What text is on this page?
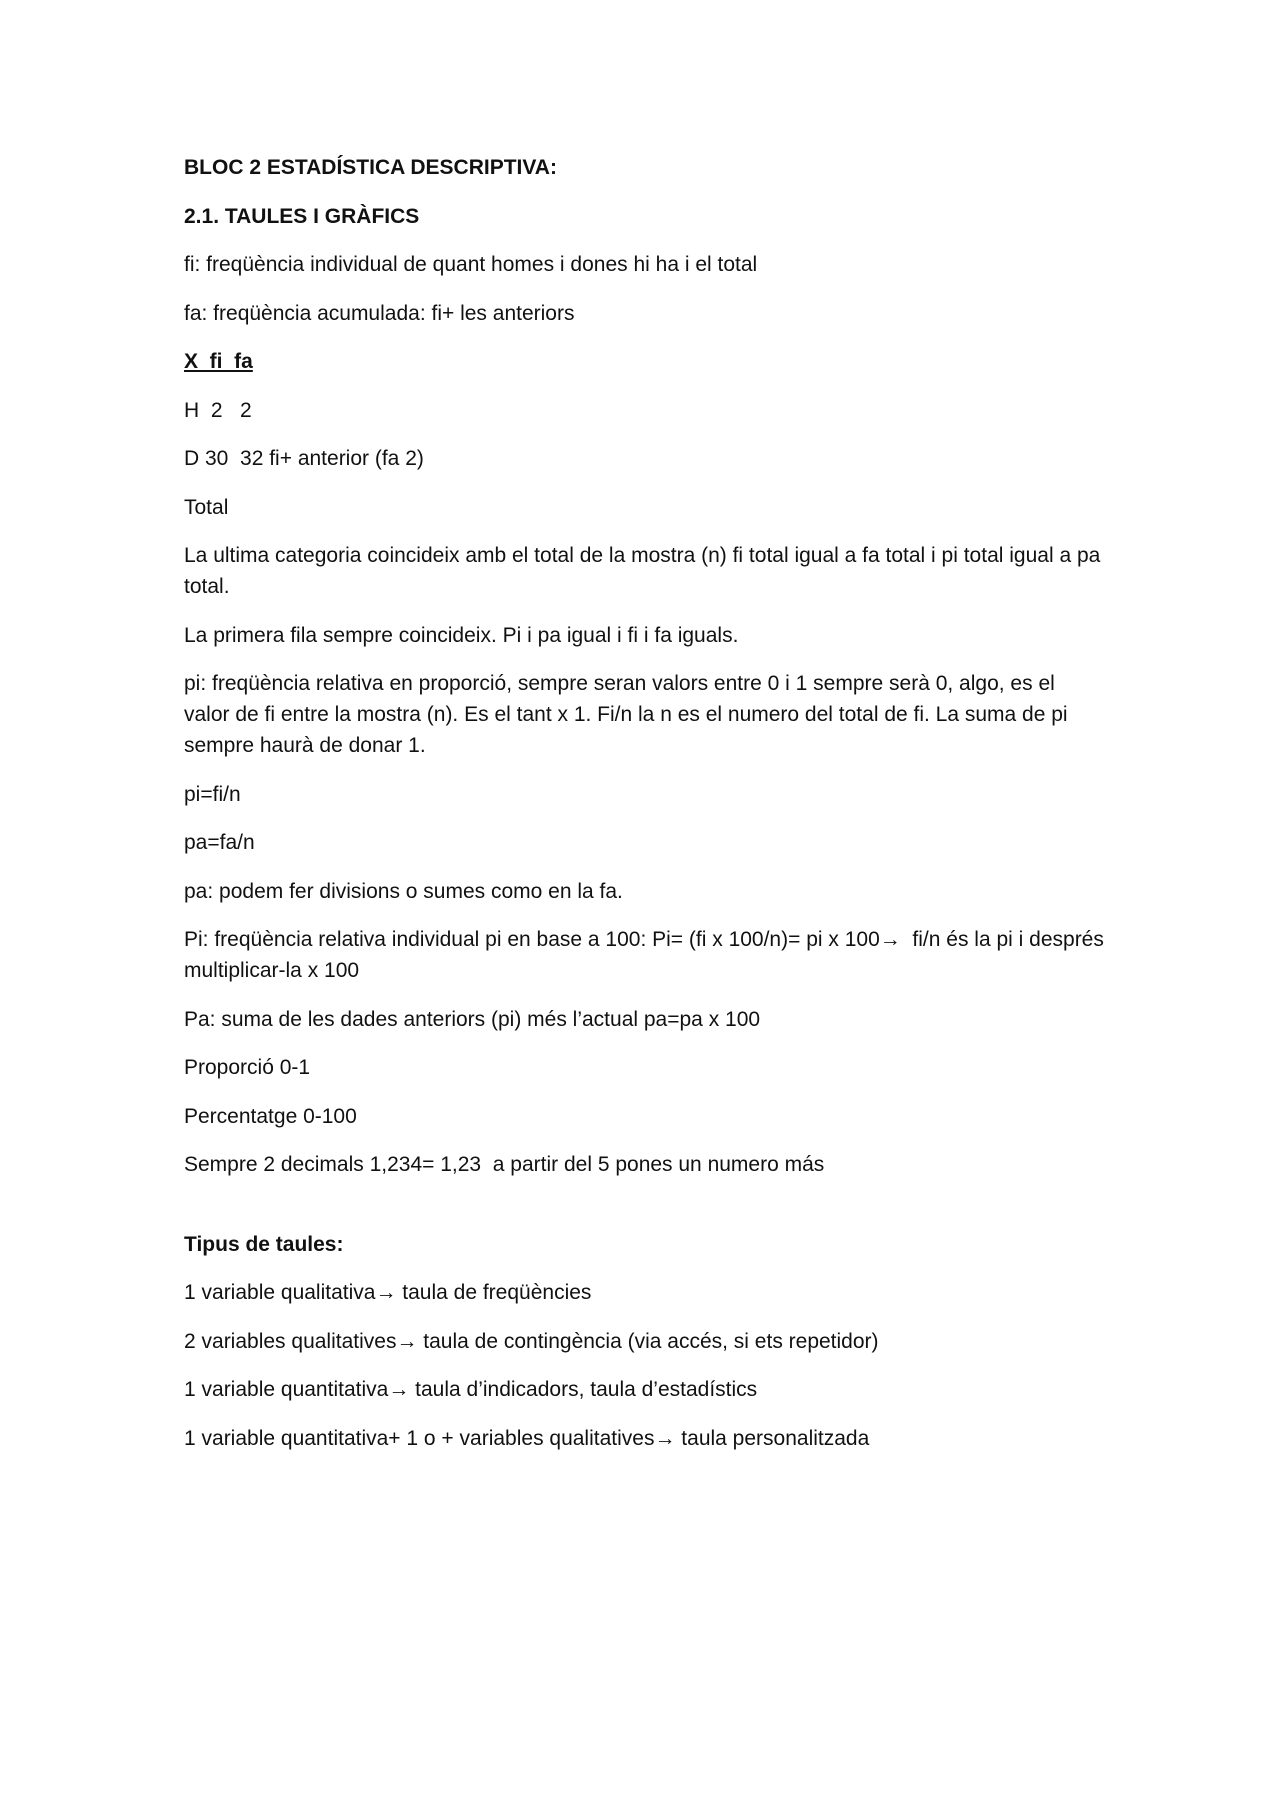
BLOC 2 ESTADÍSTICA DESCRIPTIVA:

2.1. TAULES I GRÀFICS

fi: freqüència individual de quant homes i dones hi ha i el total

fa: freqüència acumulada: fi+ les anteriors

X  fi  fa

H  2   2

D 30  32 fi+ anterior (fa 2)

Total

La ultima categoria coincideix amb el total de la mostra (n) fi total igual a fa total i pi total igual a pa total.

La primera fila sempre coincideix. Pi i pa igual i fi i fa iguals.

pi: freqüència relativa en proporció, sempre seran valors entre 0 i 1 sempre serà 0, algo, es el valor de fi entre la mostra (n). Es el tant x 1. Fi/n la n es el numero del total de fi. La suma de pi sempre haurà de donar 1.

pi=fi/n

pa=fa/n

pa: podem fer divisions o sumes como en la fa.

Pi: freqüència relativa individual pi en base a 100: Pi= (fi x 100/n)= pi x 100→  fi/n és la pi i després multiplicar-la x 100

Pa: suma de les dades anteriors (pi) més l’actual pa=pa x 100

Proporció 0-1

Percentatge 0-100

Sempre 2 decimals 1,234= 1,23  a partir del 5 pones un numero más

Tipus de taules:

1 variable qualitativa→ taula de freqüències

2 variables qualitatives→ taula de contingència (via accés, si ets repetidor)

1 variable quantitativa→ taula d’indicadors, taula d’estadístics

1 variable quantitativa+ 1 o + variables qualitatives→ taula personalitzada
